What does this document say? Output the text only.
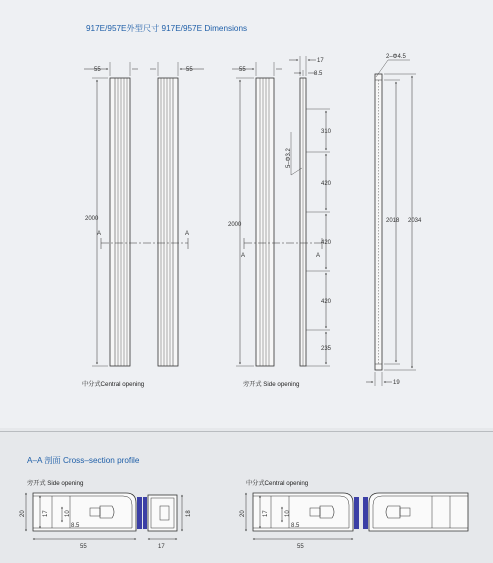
917E/957E外型尺寸 917E/957E Dimensions
A–A 剖面 Cross–section profile
55	55
2000
A	A
55
17
8.5
2000
A	A
5–Φ3.2
310
420
420
420
235
2–Φ4.5
2018 2034
19
20	17	10
8.5
55
18
17
20	17	10
8.5
55
中分式Central opening	旁开式 Side opening
旁开式 Side opening	中分式Central opening
